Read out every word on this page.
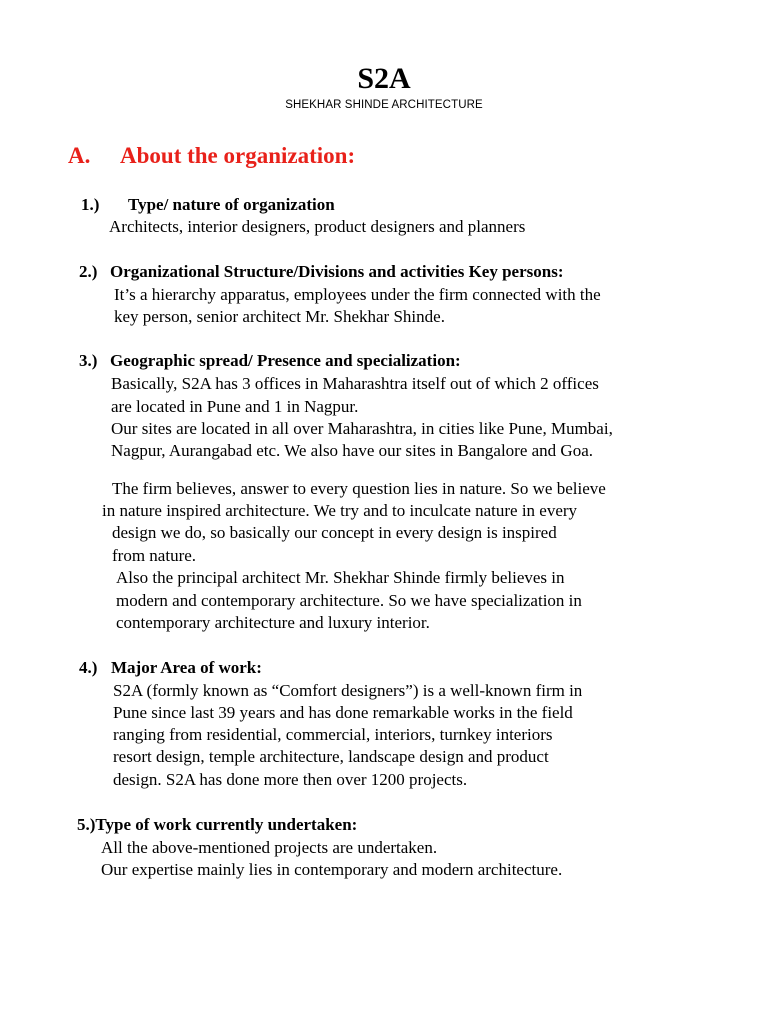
S2A
SHEKHAR SHINDE ARCHITECTURE
A. About the organization:
1.) Type/ nature of organization
Architects, interior designers, product designers and planners
2.) Organizational Structure/Divisions and activities Key persons:
It’s a hierarchy apparatus, employees under the firm connected with the
key person, senior architect Mr. Shekhar Shinde.
3.) Geographic spread/ Presence and specialization:
Basically, S2A has 3 offices in Maharashtra itself out of which 2 offices
are located in Pune and 1 in Nagpur.
Our sites are located in all over Maharashtra, in cities like Pune, Mumbai,
Nagpur, Aurangabad etc. We also have our sites in Bangalore and Goa.
The firm believes, answer to every question lies in nature. So we believe
in nature inspired architecture. We try and to inculcate nature in every
design we do, so basically our concept in every design is inspired
from nature.
Also the principal architect Mr. Shekhar Shinde firmly believes in
modern and contemporary architecture. So we have specialization in
contemporary architecture and luxury interior.
4.) Major Area of work:
S2A (formly known as “Comfort designers”) is a well-known firm in
Pune since last 39 years and has done remarkable works in the field
ranging from residential, commercial, interiors, turnkey interiors
resort design, temple architecture, landscape design and product
design. S2A has done more then over 1200 projects.
5.)Type of work currently undertaken:
All the above-mentioned projects are undertaken.
Our expertise mainly lies in contemporary and modern architecture.
